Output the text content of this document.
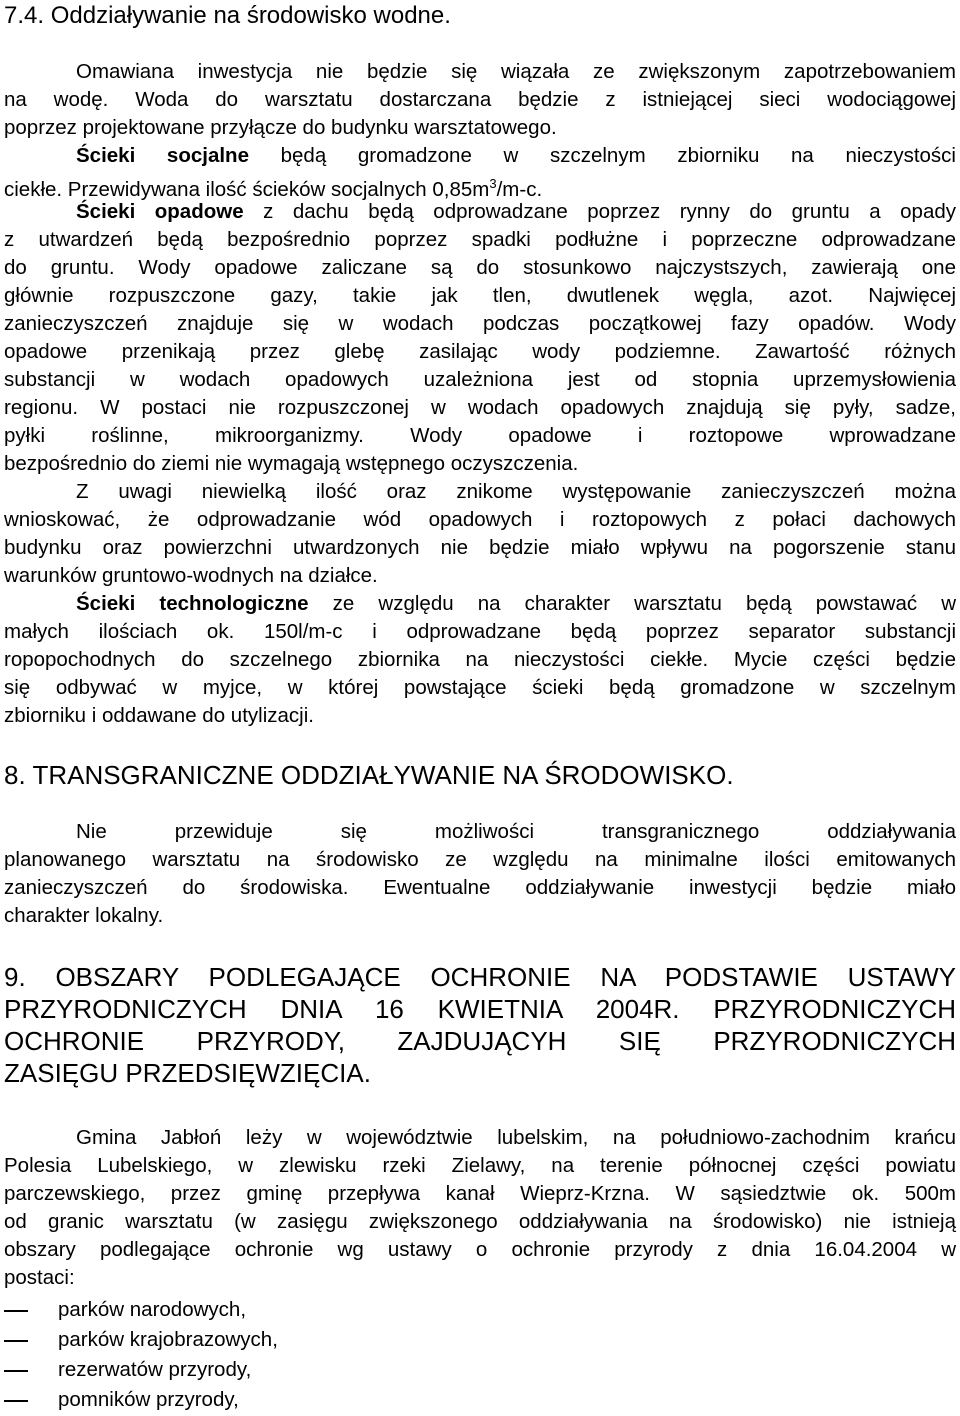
7.4. Oddziaływanie na środowisko wodne.
Omawiana inwestycja nie będzie się wiązała ze zwiększonym zapotrzebowaniem
na wodę. Woda do warsztatu dostarczana będzie z istniejącej sieci wodociągowej
poprzez projektowane przyłącze do budynku warsztatowego.
Ścieki socjalne będą gromadzone w szczelnym zbiorniku na nieczystości
ciekłe. Przewidywana ilość ścieków socjalnych $0,85m^3/m-c$.
Ścieki opadowe z dachu będą odprowadzane poprzez rynny do gruntu a opady
z utwardzeń będą bezpośrednio poprzez spadki podłużne i poprzeczne odprowadzane
do gruntu. Wody opadowe zaliczane są do stosunkowo najczystszych, zawierają one
głównie rozpuszczone gazy, takie jak tlen, dwutlenek węgla, azot. Najwięcej
zanieczyszczeń znajduje się w wodach podczas początkowej fazy opadów. Wody
opadowe przenikają przez glebę zasilając wody podziemne. Zawartość różnych
substancji w wodach opadowych uzależniona jest od stopnia uprzemysłowienia
regionu. W postaci nie rozpuszczonej w wodach opadowych znajdują się pyły, sadze,
pyłki roślinne, mikroorganizmy. Wody opadowe i roztopowe wprowadzane
bezpośrednio do ziemi nie wymagają wstępnego oczyszczenia.
Z uwagi niewielką ilość oraz znikome występowanie zanieczyszczeń można
wnioskować, że odprowadzanie wód opadowych i roztopowych z połaci dachowych
budynku oraz powierzchni utwardzonych nie będzie miało wpływu na pogorszenie stanu
warunków gruntowo-wodnych na działce.
Ścieki technologiczne ze względu na charakter warsztatu będą powstawać w
małych ilościach ok. 150l/m-c i odprowadzane będą poprzez separator substancji
ropopochodnych do szczelnego zbiornika na nieczystości ciekłe. Mycie części będzie
się odbywać w myjce, w której powstające ścieki będą gromadzone w szczelnym
zbiorniku i oddawane do utylizacji.
8. TRANSGRANICZNE ODDZIAŁYWANIE NA ŚRODOWISKO.
Nie przewiduje się możliwości transgranicznego oddziaływania
planowanego warsztatu na środowisko ze względu na minimalne ilości emitowanych
zanieczyszczeń do środowiska. Ewentualne oddziaływanie inwestycji będzie miało
charakter lokalny.
9. OBSZARY PODLEGAJĄCE OCHRONIE NA PODSTAWIE USTAWY
PRZYRODNICZYCH DNIA 16 KWIETNIA 2004R. PRZYRODNICZYCH
OCHRONIE PRZYRODY, ZAJDUJĄCYH SIĘ PRZYRODNICZYCH
ZASIĘGU PRZEDSIĘWZIĘCIA.
Gmina Jabłoń leży w województwie lubelskim, na południowo-zachodnim krańcu
Polesia Lubelskiego, w zlewisku rzeki Zielawy, na terenie północnej części powiatu
parczewskiego, przez gminę przepływa kanał Wieprz-Krzna. W sąsiedztwie ok. 500m
od granic warsztatu (w zasięgu zwiększonego oddziaływania na środowisko) nie istnieją
obszary podlegające ochronie wg ustawy o ochronie przyrody z dnia 16.04.2004 w
postaci:
parków narodowych,
parków krajobrazowych,
rezerwatów przyrody,
pomników przyrody,
